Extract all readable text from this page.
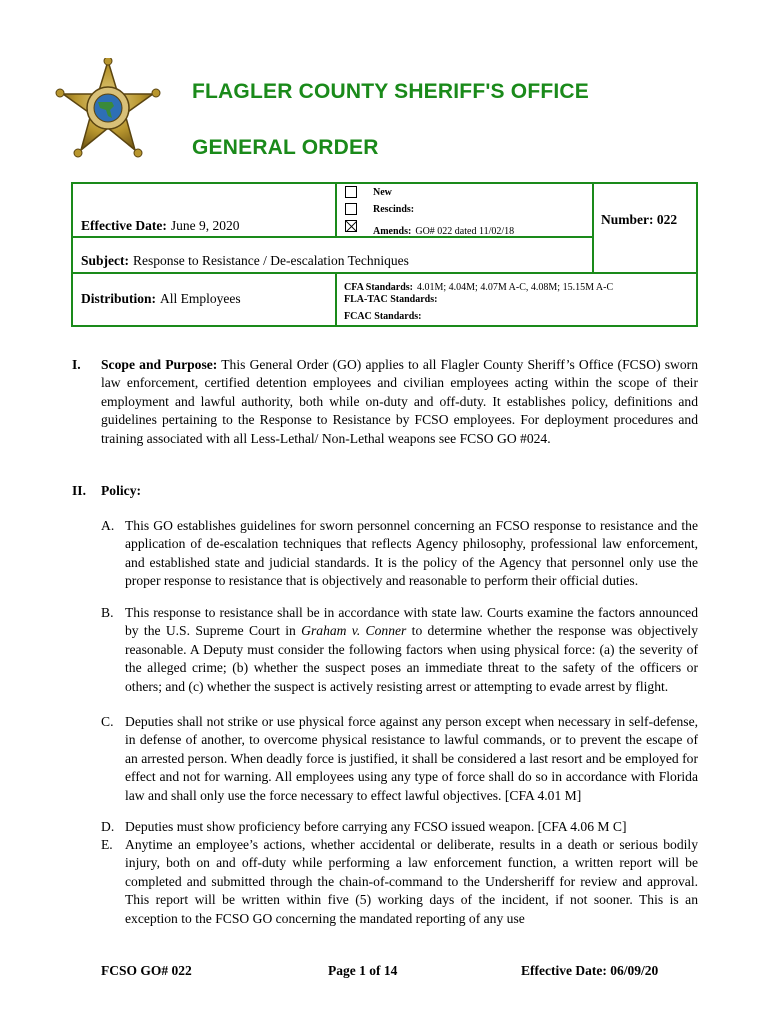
FLAGLER COUNTY SHERIFF'S OFFICE
GENERAL ORDER
Effective Date: June 9, 2020
New
Rescinds:
Amends: GO# 022 dated 11/02/18
Number: 022
Subject: Response to Resistance / De-escalation Techniques
Distribution: All Employees
CFA Standards: 4.01M; 4.04M; 4.07M A-C, 4.08M; 15.15M A-C
FLA-TAC Standards:
FCAC Standards:
I. Scope and Purpose: This General Order (GO) applies to all Flagler County Sheriff’s Office (FCSO) sworn law enforcement, certified detention employees and civilian employees acting within the scope of their employment and lawful authority, both while on-duty and off-duty. It establishes policy, definitions and guidelines pertaining to the Response to Resistance by FCSO employees. For deployment procedures and training associated with all Less-Lethal/ Non-Lethal weapons see FCSO GO #024.
II. Policy:
A. This GO establishes guidelines for sworn personnel concerning an FCSO response to resistance and the application of de-escalation techniques that reflects Agency philosophy, professional law enforcement, and established state and judicial standards. It is the policy of the Agency that personnel only use the proper response to resistance that is objectively and reasonable to perform their official duties.
B. This response to resistance shall be in accordance with state law. Courts examine the factors announced by the U.S. Supreme Court in Graham v. Conner to determine whether the response was objectively reasonable. A Deputy must consider the following factors when using physical force: (a) the severity of the alleged crime; (b) whether the suspect poses an immediate threat to the safety of the officers or others; and (c) whether the suspect is actively resisting arrest or attempting to evade arrest by flight.
C. Deputies shall not strike or use physical force against any person except when necessary in self-defense, in defense of another, to overcome physical resistance to lawful commands, or to prevent the escape of an arrested person. When deadly force is justified, it shall be considered a last resort and be employed for effect and not for warning. All employees using any type of force shall do so in accordance with Florida law and shall only use the force necessary to effect lawful objectives. [CFA 4.01 M]
D. Deputies must show proficiency before carrying any FCSO issued weapon. [CFA 4.06 M C]
E. Anytime an employee’s actions, whether accidental or deliberate, results in a death or serious bodily injury, both on and off-duty while performing a law enforcement function, a written report will be completed and submitted through the chain-of-command to the Undersheriff for review and approval. This report will be written within five (5) working days of the incident, if not sooner. This is an exception to the FCSO GO concerning the mandated reporting of any use
FCSO GO# 022	Page 1 of 14	Effective Date: 06/09/20
